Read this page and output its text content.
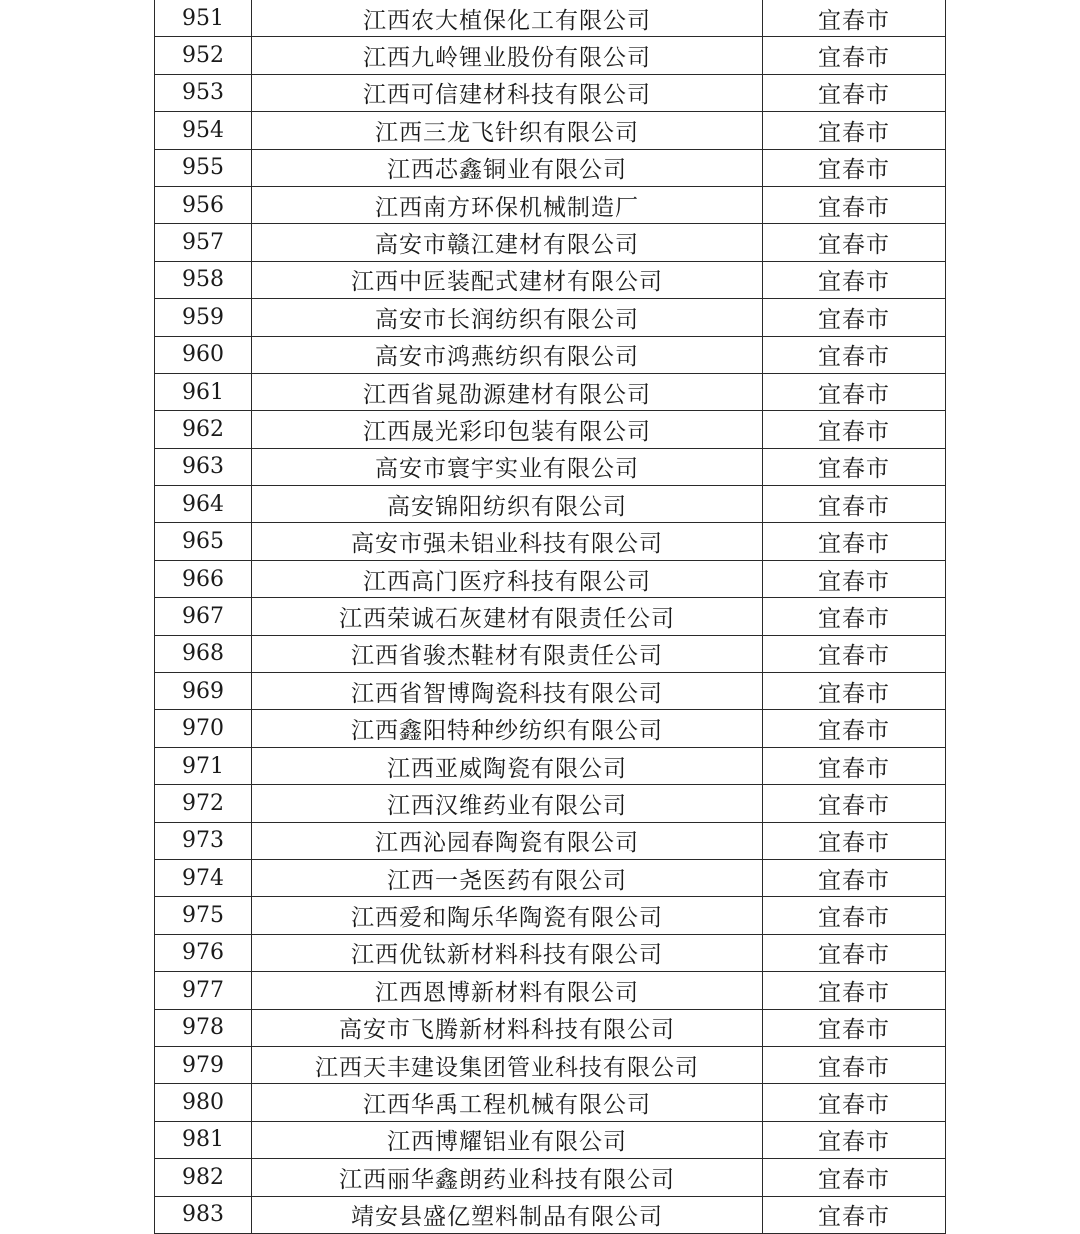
951	江西农大植保化工有限公司	宜春市
952	江西九岭锂业股份有限公司	宜春市
953	江西可信建材科技有限公司	宜春市
954	江西三龙飞针织有限公司	宜春市
955	江西芯鑫铜业有限公司	宜春市
956	江西南方环保机械制造厂	宜春市
957	高安市赣江建材有限公司	宜春市
958	江西中匠装配式建材有限公司	宜春市
959	高安市长润纺织有限公司	宜春市
960	高安市鸿燕纺织有限公司	宜春市
961	江西省晁劭源建材有限公司	宜春市
962	江西晟光彩印包装有限公司	宜春市
963	高安市寰宇实业有限公司	宜春市
964	高安锦阳纺织有限公司	宜春市
965	高安市强未铝业科技有限公司	宜春市
966	江西高门医疗科技有限公司	宜春市
967	江西荣诚石灰建材有限责任公司	宜春市
968	江西省骏杰鞋材有限责任公司	宜春市
969	江西省智博陶瓷科技有限公司	宜春市
970	江西鑫阳特种纱纺织有限公司	宜春市
971	江西亚威陶瓷有限公司	宜春市
972	江西汉维药业有限公司	宜春市
973	江西沁园春陶瓷有限公司	宜春市
974	江西一尧医药有限公司	宜春市
975	江西爱和陶乐华陶瓷有限公司	宜春市
976	江西优钛新材料科技有限公司	宜春市
977	江西恩博新材料有限公司	宜春市
978	高安市飞腾新材料科技有限公司	宜春市
979	江西天丰建设集团管业科技有限公司	宜春市
980	江西华禹工程机械有限公司	宜春市
981	江西博耀铝业有限公司	宜春市
982	江西丽华鑫朗药业科技有限公司	宜春市
983	靖安县盛亿塑料制品有限公司	宜春市
